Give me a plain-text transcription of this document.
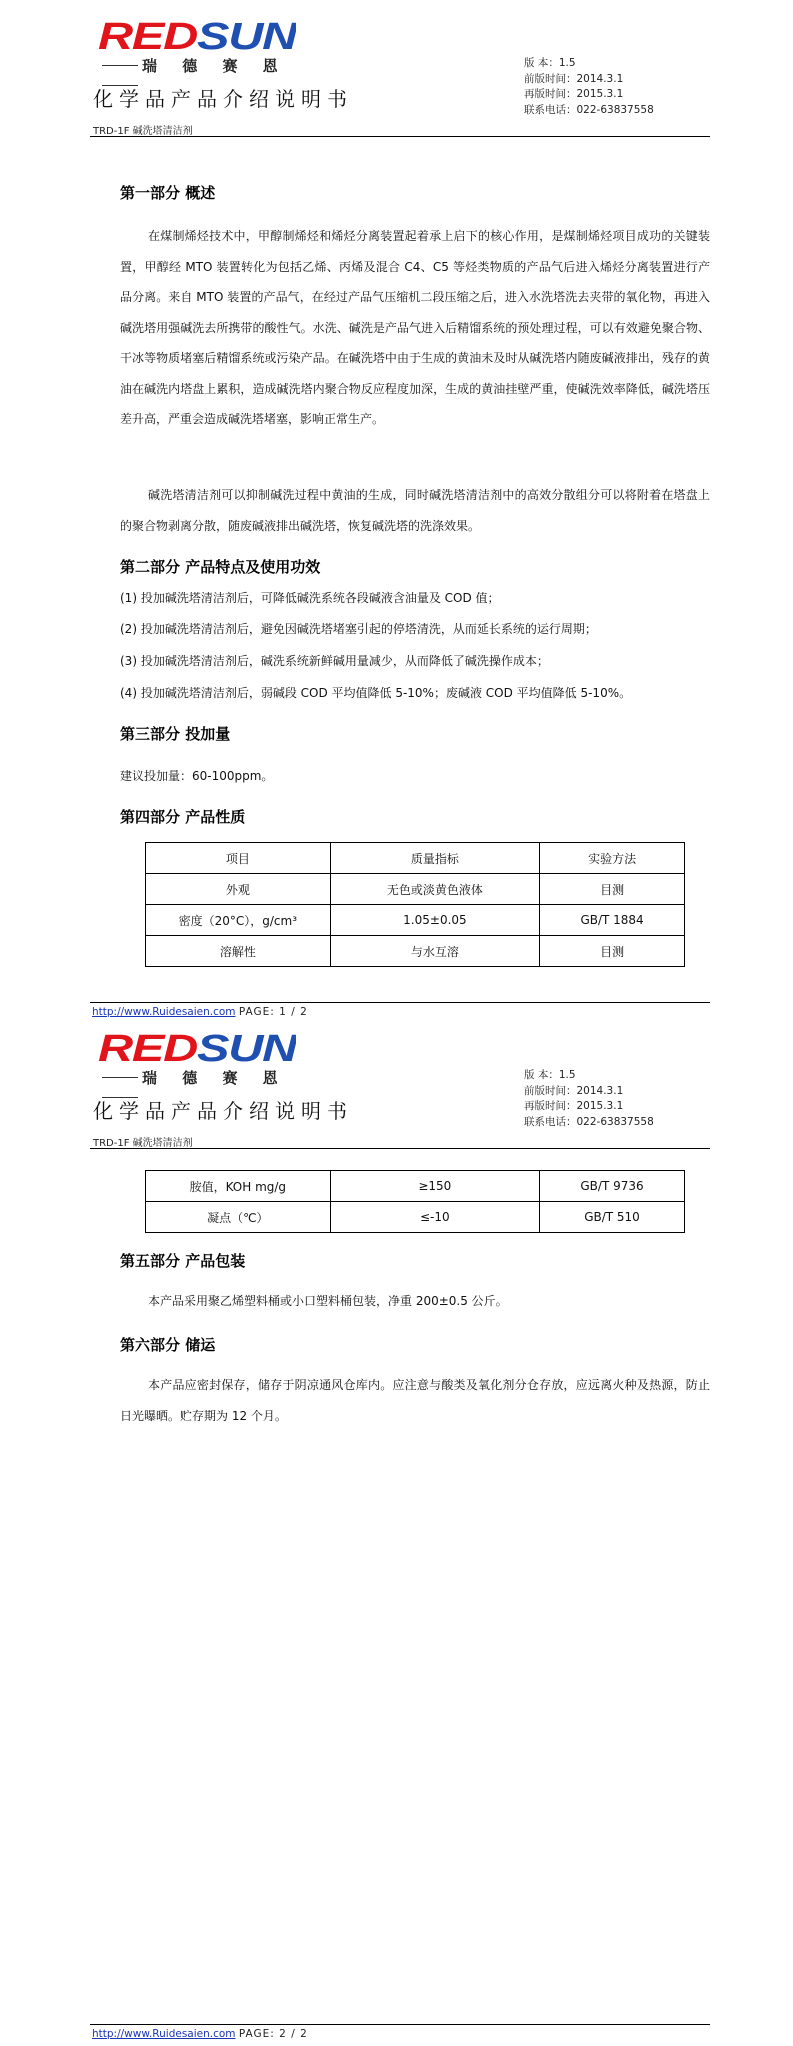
RED SUN
瑞 德 赛 恩
化学品产品介绍说明书
版 本：1.5
前版时间：2014.3.1
再版时间：2015.3.1
联系电话：022-63837558
TRD-1F 碱洗塔清洁剂
第一部分 概述
在煤制烯烃技术中，甲醇制烯烃和烯烃分离装置起着承上启下的核心作用，是煤制烯烃项目成功的关键装置，甲醇经 MTO 装置转化为包括乙烯、丙烯及混合 C4、C5 等烃类物质的产品气后进入烯烃分离装置进行产品分离。来自 MTO 装置的产品气，在经过产品气压缩机二段压缩之后，进入水洗塔洗去夹带的氧化物，再进入碱洗塔用强碱洗去所携带的酸性气。水洗、碱洗是产品气进入后精馏系统的预处理过程，可以有效避免聚合物、干冰等物质堵塞后精馏系统或污染产品。在碱洗塔中由于生成的黄油未及时从碱洗塔内随废碱液排出，残存的黄油在碱洗内塔盘上累积，造成碱洗塔内聚合物反应程度加深，生成的黄油挂壁严重，使碱洗效率降低，碱洗塔压差升高，严重会造成碱洗塔堵塞，影响正常生产。
碱洗塔清洁剂可以抑制碱洗过程中黄油的生成，同时碱洗塔清洁剂中的高效分散组分可以将附着在塔盘上的聚合物剥离分散，随废碱液排出碱洗塔，恢复碱洗塔的洗涤效果。
第二部分 产品特点及使用功效
(1) 投加碱洗塔清洁剂后，可降低碱洗系统各段碱液含油量及 COD 值；
(2) 投加碱洗塔清洁剂后，避免因碱洗塔堵塞引起的停塔清洗，从而延长系统的运行周期；
(3) 投加碱洗塔清洁剂后，碱洗系统新鲜碱用量减少，从而降低了碱洗操作成本；
(4) 投加碱洗塔清洁剂后，弱碱段 COD 平均值降低 5-10%；废碱液 COD 平均值降低 5-10%。
第三部分 投加量
建议投加量：60-100ppm。
第四部分 产品性质
项目	质量指标	实验方法
外观	无色或淡黄色液体	目测
密度（20°C），g/cm³	1.05±0.05	GB/T 1884
溶解性	与水互溶	目测
http://www.Ruidesaien.com PAGE: 1 / 2
RED SUN
瑞 德 赛 恩
化学品产品介绍说明书
版 本：1.5
前版时间：2014.3.1
再版时间：2015.3.1
联系电话：022-63837558
TRD-1F 碱洗塔清洁剂
胺值，KOH mg/g	≥150	GB/T 9736
凝点（℃）	≤-10	GB/T 510
第五部分 产品包装
本产品采用聚乙烯塑料桶或小口塑料桶包装，净重 200±0.5 公斤。
第六部分 储运
本产品应密封保存，储存于阴凉通风仓库内。应注意与酸类及氧化剂分仓存放，应远离火种及热源，防止日光曝晒。贮存期为 12 个月。
http://www.Ruidesaien.com PAGE: 2 / 2
